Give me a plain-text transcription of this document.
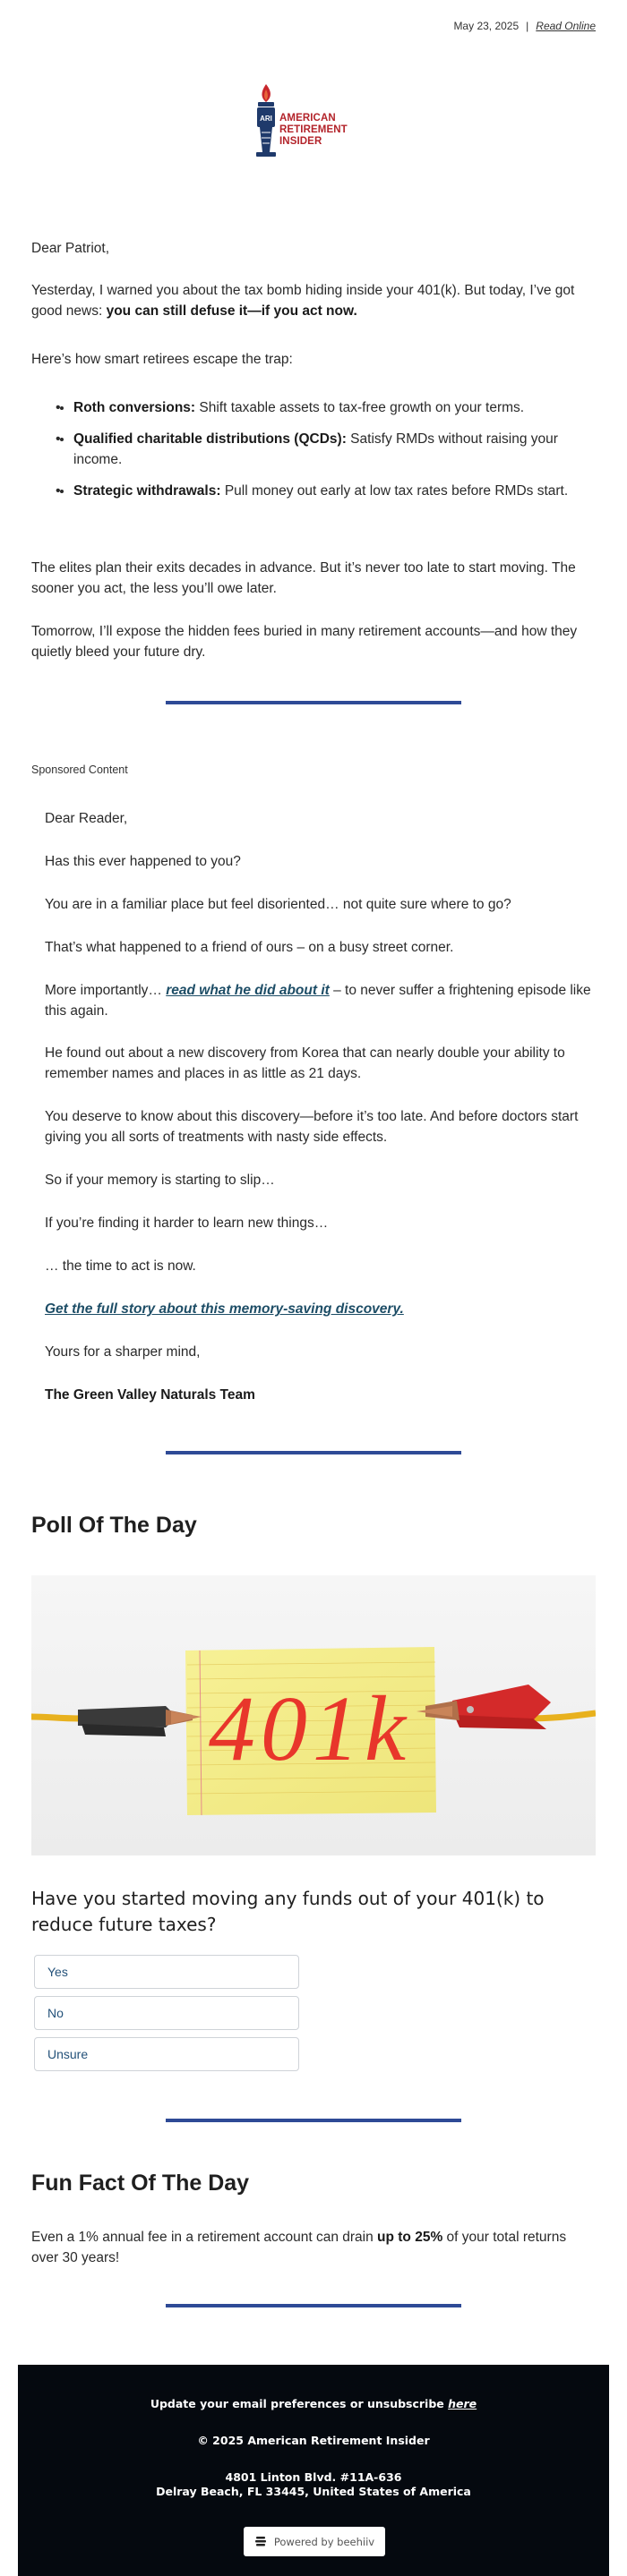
May 23, 2025 | Read Online
ARI AMERICAN
RETIREMENT INSIDER
Dear Patriot,
Yesterday, I warned you about the tax bomb hiding inside your 401(k). But today, I’ve got good news: you can still defuse it—if you act now.
Here’s how smart retirees escape the trap:
• • Roth conversions: Shift taxable assets to tax-free growth on your terms.
• • Qualified charitable distributions (QCDs): Satisfy RMDs without raising your income.
• • Strategic withdrawals: Pull money out early at low tax rates before RMDs start.
The elites plan their exits decades in advance. But it’s never too late to start moving. The sooner you act, the less you’ll owe later.
Tomorrow, I’ll expose the hidden fees buried in many retirement accounts—and how they quietly bleed your future dry.
Sponsored Content
Dear Reader,
Has this ever happened to you?
You are in a familiar place but feel disoriented… not quite sure where to go?
That’s what happened to a friend of ours – on a busy street corner.
More importantly… read what he did about it – to never suffer a frightening episode like this again.
He found out about a new discovery from Korea that can nearly double your ability to remember names and places in as little as 21 days.
You deserve to know about this discovery—before it’s too late. And before doctors start giving you all sorts of treatments with nasty side effects.
So if your memory is starting to slip…
If you’re finding it harder to learn new things…
… the time to act is now.
Get the full story about this memory-saving discovery.
Yours for a sharper mind,
The Green Valley Naturals Team
Poll Of The Day
401k
Have you started moving any funds out of your 401(k) to reduce future taxes?
Yes
No
Unsure
Fun Fact Of The Day
Even a 1% annual fee in a retirement account can drain up to 25% of your total returns over 30 years!
Update your email preferences or unsubscribe here
© 2025 American Retirement Insider
4801 Linton Blvd. #11A-636
Delray Beach, FL 33445, United States of America
Powered by beehiiv
